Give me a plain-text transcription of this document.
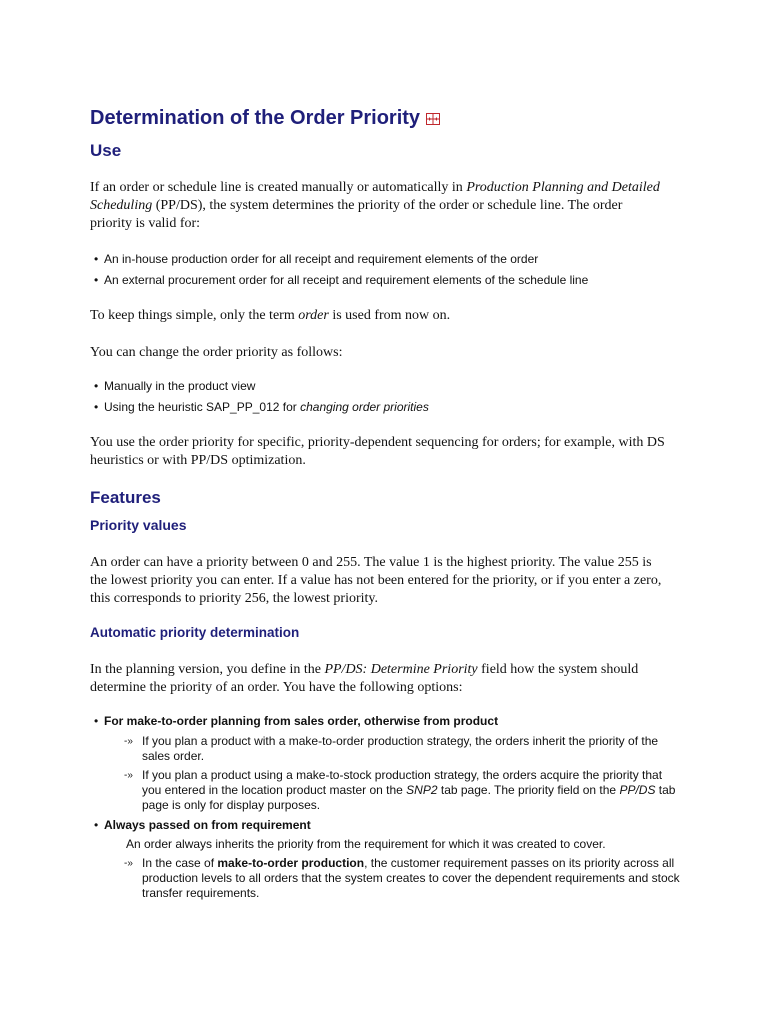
Determination of the Order Priority
Use

If an order or schedule line is created manually or automatically in Production Planning and Detailed Scheduling (PP/DS), the system determines the priority of the order or schedule line. The order priority is valid for:

• An in-house production order for all receipt and requirement elements of the order

• An external procurement order for all receipt and requirement elements of the schedule line

To keep things simple, only the term order is used from now on.

You can change the order priority as follows:

• Manually in the product view

• Using the heuristic SAP_PP_012 for changing order priorities

You use the order priority for specific, priority-dependent sequencing for orders; for example, with DS heuristics or with PP/DS optimization.

Features
Priority values

An order can have a priority between 0 and 255. The value 1 is the highest priority. The value 255 is the lowest priority you can enter. If a value has not been entered for the priority, or if you enter a zero, this corresponds to priority 256, the lowest priority.

Automatic priority determination

In the planning version, you define in the PP/DS: Determine Priority field how the system should determine the priority of an order. You have the following options:

• For make-to-order planning from sales order, otherwise from product

-» If you plan a product with a make-to-order production strategy, the orders inherit the priority of the sales order.

-» If you plan a product using a make-to-stock production strategy, the orders acquire the priority that you entered in the location product master on the SNP2 tab page. The priority field on the PP/DS tab page is only for display purposes.

• Always passed on from requirement

An order always inherits the priority from the requirement for which it was created to cover.

-» In the case of make-to-order production, the customer requirement passes on its priority across all production levels to all orders that the system creates to cover the dependent requirements and stock transfer requirements.
